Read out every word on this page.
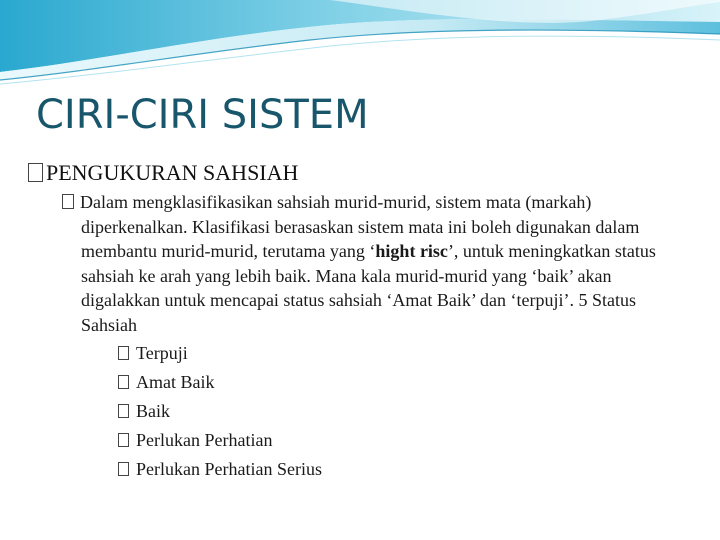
CIRI-CIRI SISTEM

PENGUKURAN SAHSIAH

Dalam mengklasifikasikan sahsiah murid-murid, sistem mata (markah) diperkenalkan. Klasifikasi berasaskan sistem mata ini boleh digunakan dalam membantu murid-murid, terutama yang ‘hight risc’, untuk meningkatkan status sahsiah ke arah yang lebih baik. Mana kala murid-murid yang ‘baik’ akan digalakkan untuk mencapai status sahsiah ‘Amat Baik’ dan ‘terpuji’. 5 Status Sahsiah

Terpuji
Amat Baik
Baik
Perlukan Perhatian
Perlukan Perhatian Serius
